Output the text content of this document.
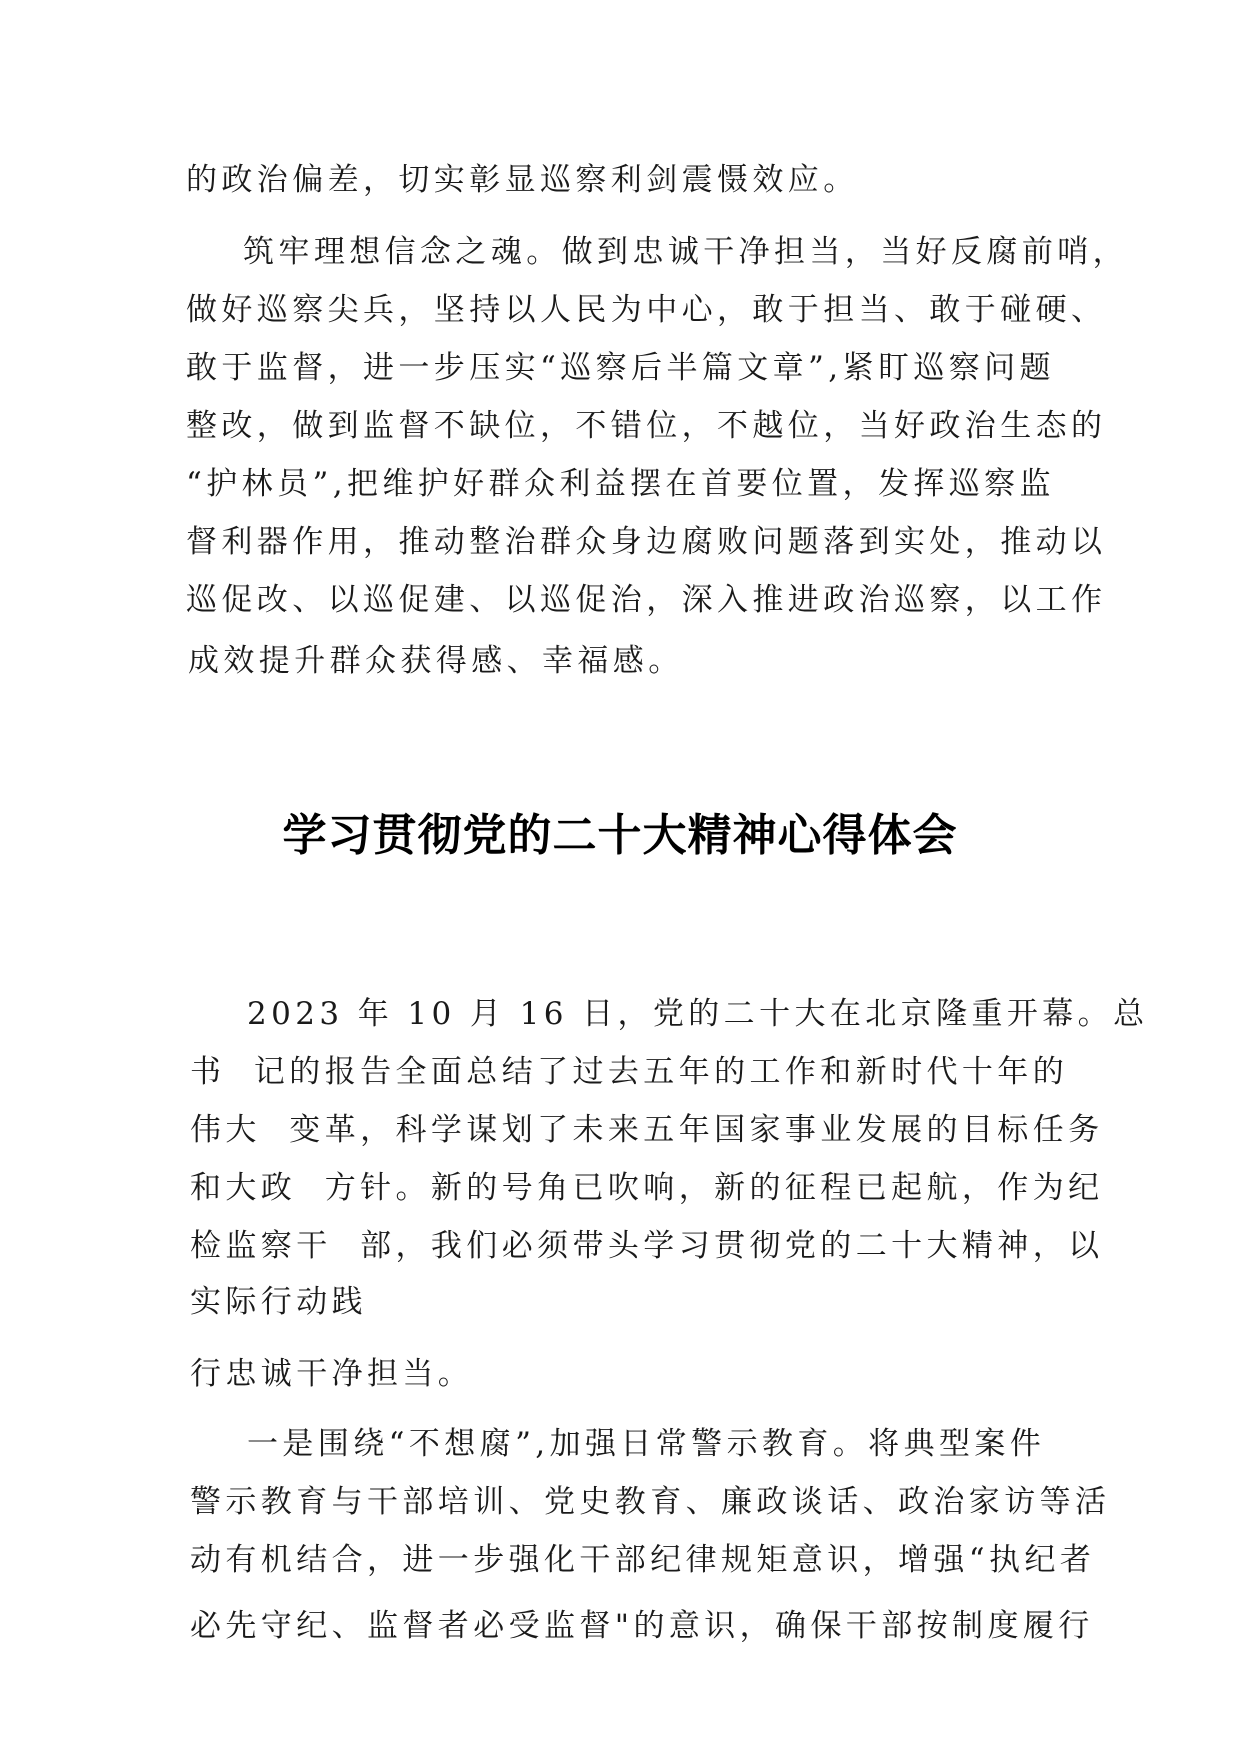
的政治偏差，切实彰显巡察利剑震慑效应。

筑牢理想信念之魂。做到忠诚干净担当，当好反腐前哨，

做好巡察尖兵，坚持以人民为中心，敢于担当、敢于碰硬、

敢于监督，进一步压实“巡察后半篇文章”,紧盯巡察问题

整改，做到监督不缺位，不错位，不越位，当好政治生态的

“护林员”,把维护好群众利益摆在首要位置，发挥巡察监

督利器作用，推动整治群众身边腐败问题落到实处，推动以

巡促改、以巡促建、以巡促治，深入推进政治巡察，以工作

成效提升群众获得感、幸福感。

学习贯彻党的二十大精神心得体会

2023 年 10 月 16 日，党的二十大在北京隆重开幕。总

书  记的报告全面总结了过去五年的工作和新时代十年的

伟大  变革，科学谋划了未来五年国家事业发展的目标任务

和大政  方针。新的号角已吹响，新的征程已起航，作为纪

检监察干  部，我们必须带头学习贯彻党的二十大精神，以

实际行动践

行忠诚干净担当。

一是围绕“不想腐”,加强日常警示教育。将典型案件

警示教育与干部培训、党史教育、廉政谈话、政治家访等活

动有机结合，进一步强化干部纪律规矩意识，增强“执纪者

必先守纪、监督者必受监督"的意识，确保干部按制度履行
